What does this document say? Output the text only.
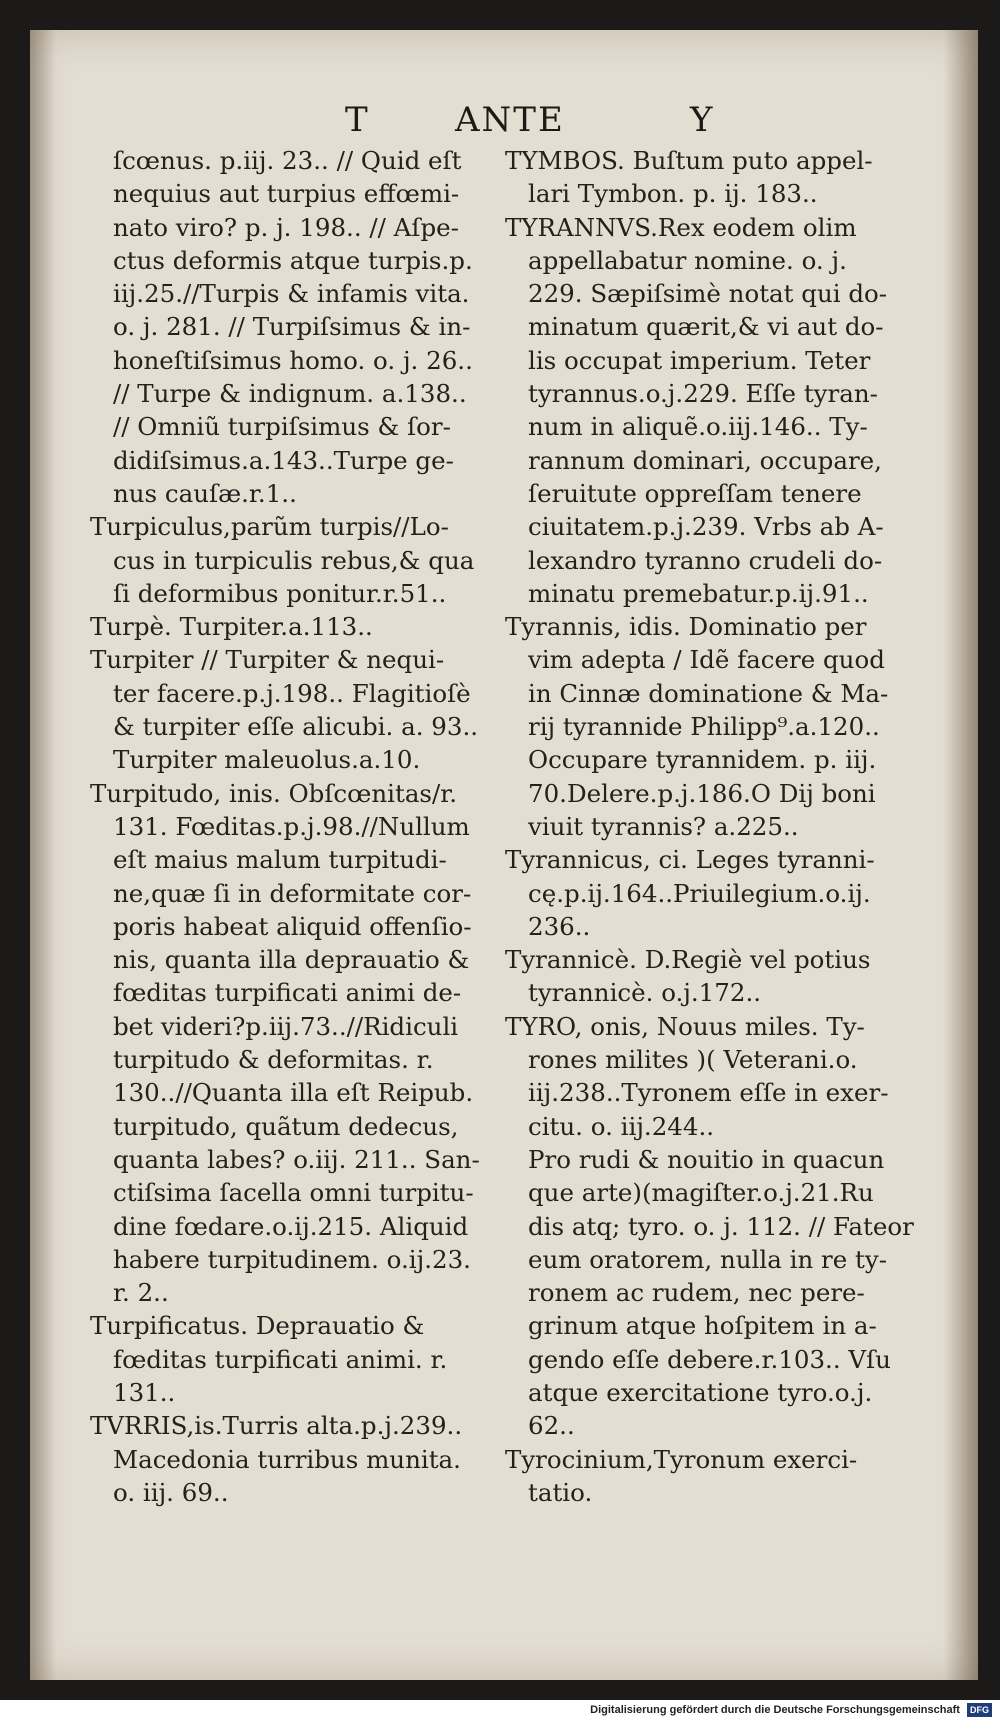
T	ANTE	Y
ſcœnus. p.iij. 23.. // Quid eſt
nequius aut turpius effœmi-
nato viro? p. j. 198.. // Aſpe-
ctus deformis atque turpis.p.
iij.25.//Turpis & infamis vita.
o. j. 281. // Turpiſsimus & in-
honeſtiſsimus homo. o. j. 26..
// Turpe & indignum. a.138..
// Omniũ turpiſsimus & ſor-
didiſsimus.a.143..Turpe ge-
nus cauſæ.r.1..
Turpiculus,parũm turpis//Lo-
cus in turpiculis rebus,& qua
ſi deformibus ponitur.r.51..
Turpè. Turpiter.a.113..
Turpiter // Turpiter & nequi-
ter facere.p.j.198.. Flagitioſè
& turpiter eſſe alicubi. a. 93..
Turpiter maleuolus.a.10.
Turpitudo, inis. Obſcœnitas/r.
131. Fœditas.p.j.98.//Nullum
eſt maius malum turpitudi-
ne,quæ ſi in deformitate cor-
poris habeat aliquid offenſio-
nis, quanta illa deprauatio &
fœditas turpificati animi de-
bet videri?p.iij.73..//Ridiculi
turpitudo & deformitas. r.
130..//Quanta illa eſt Reipub.
turpitudo, quãtum dedecus,
quanta labes? o.iij. 211.. San-
ctiſsima ſacella omni turpitu-
dine fœdare.o.ij.215. Aliquid
habere turpitudinem. o.ij.23.
r. 2..
Turpificatus. Deprauatio &
fœditas turpificati animi. r.
131..
TVRRIS,is.Turris alta.p.j.239..
Macedonia turribus munita.
o. iij. 69..
TYMBOS. Buſtum puto appel-
lari Tymbon. p. ij. 183..
TYRANNVS.Rex eodem olim
appellabatur nomine. o. j.
229. Sæpiſsimè notat qui do-
minatum quærit,& vi aut do-
lis occupat imperium. Teter
tyrannus.o.j.229. Eſſe tyran-
num in aliquẽ.o.iij.146.. Ty-
rannum dominari, occupare,
ſeruitute oppreſſam tenere
ciuitatem.p.j.239. Vrbs ab A-
lexandro tyranno crudeli do-
minatu premebatur.p.ij.91..
Tyrannis, idis. Dominatio per
vim adepta / Idẽ facere quod
in Cinnæ dominatione & Ma-
rij tyrannide Philipp⁹.a.120..
Occupare tyrannidem. p. iij.
70.Delere.p.j.186.O Dij boni
viuit tyrannis? a.225..
Tyrannicus, ci. Leges tyranni-
cę.p.ij.164..Priuilegium.o.ij.
236..
Tyrannicè. D.Regiè vel potius
tyrannicè. o.j.172..
TYRO, onis, Nouus miles. Ty-
rones milites )( Veterani.o.
iij.238..Tyronem eſſe in exer-
citu. o. iij.244..
Pro rudi & nouitio in quacun
que arte)(magiſter.o.j.21.Ru
dis atq; tyro. o. j. 112. // Fateor
eum oratorem, nulla in re ty-
ronem ac rudem, nec pere-
grinum atque hoſpitem in a-
gendo eſſe debere.r.103.. Vſu
atque exercitatione tyro.o.j.
62..
Tyrocinium,Tyronum exerci-
tatio.
Digitalisierung gefördert durch die Deutsche Forschungsgemeinschaft DFG
